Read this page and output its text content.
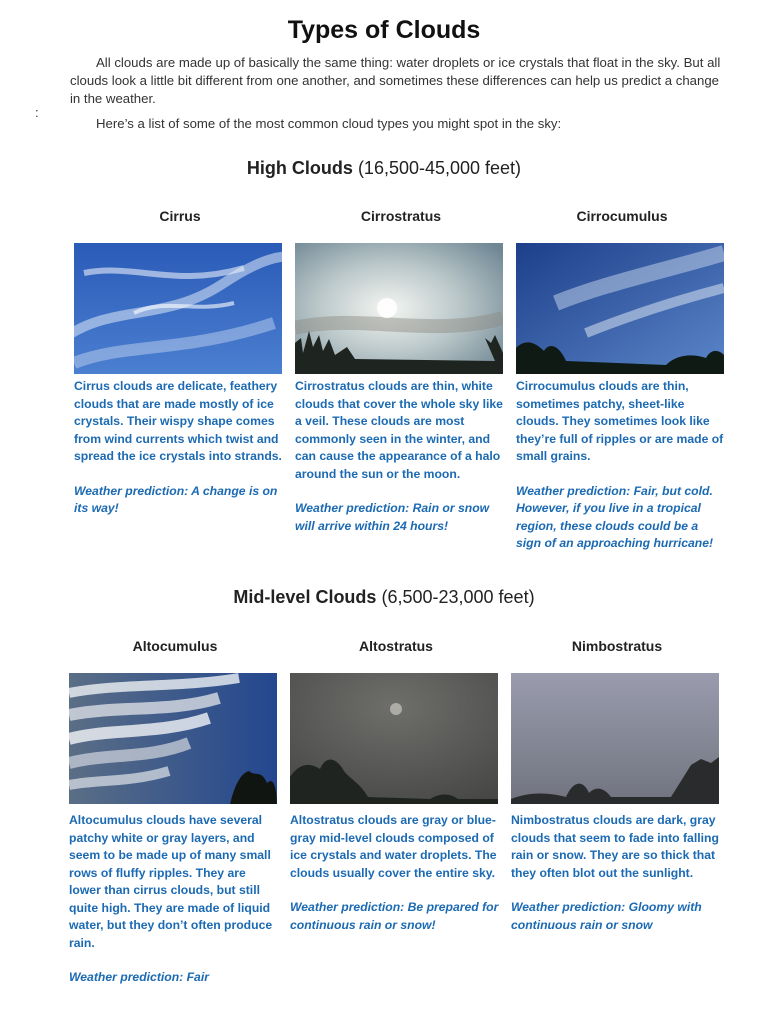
Types of Clouds

All clouds are made up of basically the same thing: water droplets or ice crystals that float in the sky. But all clouds look a little bit different from one another, and sometimes these differences can help us predict a change in the weather.

:

Here’s a list of some of the most common cloud types you might spot in the sky:

High Clouds (16,500-45,000 feet)

Cirrus

Cirrus clouds are delicate, feathery clouds that are made mostly of ice crystals. Their wispy shape comes from wind currents which twist and spread the ice crystals into strands.
Weather prediction: A change is on its way!

Cirrostratus

Cirrostratus clouds are thin, white clouds that cover the whole sky like a veil. These clouds are most commonly seen in the winter, and can cause the appearance of a halo around the sun or the moon.
Weather prediction: Rain or snow will arrive within 24 hours!

Cirrocumulus

Cirrocumulus clouds are thin, sometimes patchy, sheet-like clouds. They sometimes look like they’re full of ripples or are made of small grains.
Weather prediction: Fair, but cold. However, if you live in a tropical region, these clouds could be a sign of an approaching hurricane!

Mid-level Clouds (6,500-23,000 feet)

Altocumulus

Altocumulus clouds have several patchy white or gray layers, and seem to be made up of many small rows of fluffy ripples. They are lower than cirrus clouds, but still quite high. They are made of liquid water, but they don’t often produce rain.
Weather prediction: Fair

Altostratus

Altostratus clouds are gray or blue-gray mid-level clouds composed of ice crystals and water droplets. The clouds usually cover the entire sky.
Weather prediction: Be prepared for continuous rain or snow!

Nimbostratus

Nimbostratus clouds are dark, gray clouds that seem to fade into falling rain or snow. They are so thick that they often blot out the sunlight.
Weather prediction: Gloomy with continuous rain or snow
